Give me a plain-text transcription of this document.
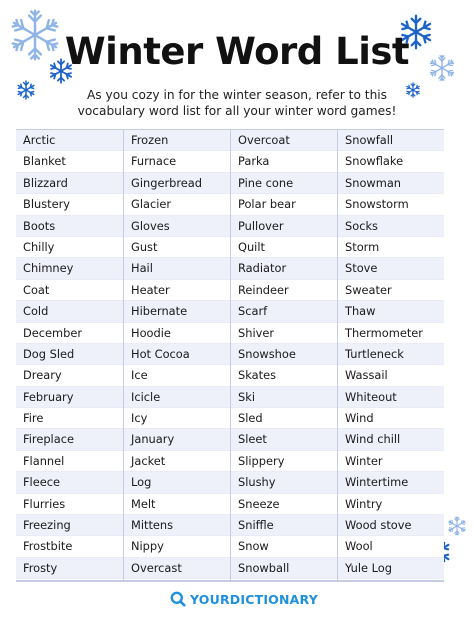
Winter Word List

As you cozy in for the winter season, refer to this vocabulary word list for all your winter word games!

Arctic
Blanket
Blizzard
Blustery
Boots
Chilly
Chimney
Coat
Cold
December
Dog Sled
Dreary
February
Fire
Fireplace
Flannel
Fleece
Flurries
Freezing
Frostbite
Frosty
Frozen
Furnace
Gingerbread
Glacier
Gloves
Gust
Hail
Heater
Hibernate
Hoodie
Hot Cocoa
Ice
Icicle
Icy
January
Jacket
Log
Melt
Mittens
Nippy
Overcast
Overcoat
Parka
Pine cone
Polar bear
Pullover
Quilt
Radiator
Reindeer
Scarf
Shiver
Snowshoe
Skates
Ski
Sled
Sleet
Slippery
Slushy
Sneeze
Sniffle
Snow
Snowball
Snowfall
Snowflake
Snowman
Snowstorm
Socks
Storm
Stove
Sweater
Thaw
Thermometer
Turtleneck
Wassail
Whiteout
Wind
Wind chill
Winter
Wintertime
Wintry
Wood stove
Wool
Yule Log
YOURDICTIONARY
